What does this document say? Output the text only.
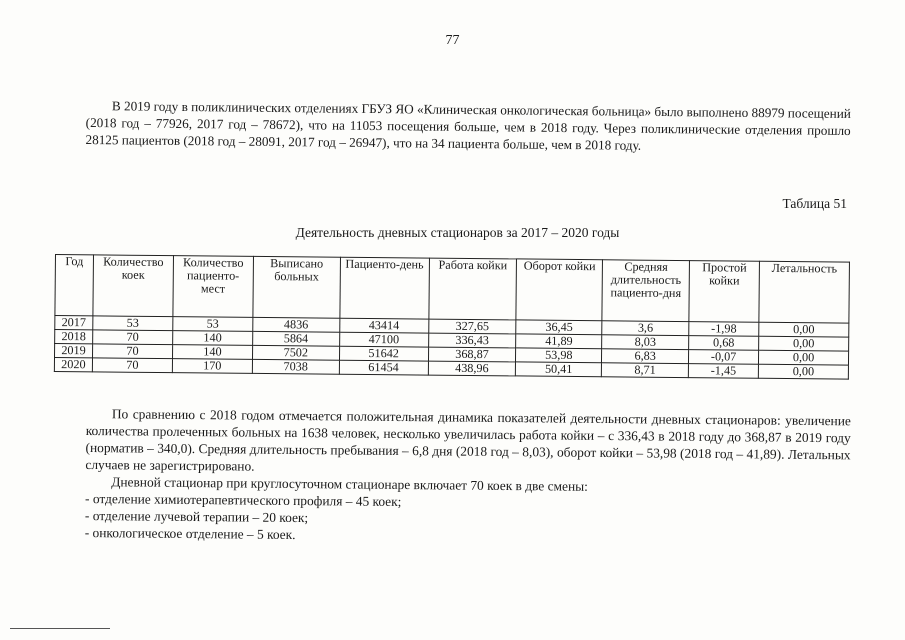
77

В 2019 году в поликлинических отделениях ГБУЗ ЯО «Клиническая онкологическая больница» было выполнено 88979 посещений (2018 год – 77926, 2017 год – 78672), что на 11053 посещения больше, чем в 2018 году. Через поликлинические отделения прошло 28125 пациентов (2018 год – 28091, 2017 год – 26947), что на 34 пациента больше, чем в 2018 году.

Таблица 51
Деятельность дневных стационаров за 2017 – 2020 годы
Год	Количество коек	Количество пациенто-мест	Выписано больных	Пациенто-день	Работа койки	Оборот койки	Средняя длительность пациенто-дня	Простой койки	Летальность
2017	53	53	4836	43414	327,65	36,45	3,6	-1,98	0,00
2018	70	140	5864	47100	336,43	41,89	8,03	0,68	0,00
2019	70	140	7502	51642	368,87	53,98	6,83	-0,07	0,00
2020	70	170	7038	61454	438,96	50,41	8,71	-1,45	0,00

По сравнению с 2018 годом отмечается положительная динамика показателей деятельности дневных стационаров: увеличение количества пролеченных больных на 1638 человек, несколько увеличилась работа койки – с 336,43 в 2018 году до 368,87 в 2019 году (норматив – 340,0). Средняя длительность пребывания – 6,8 дня (2018 год – 8,03), оборот койки – 53,98 (2018 год – 41,89). Летальных случаев не зарегистрировано.

Дневной стационар при круглосуточном стационаре включает 70 коек в две смены:

- отделение химиотерапевтического профиля – 45 коек;
- отделение лучевой терапии – 20 коек;
- онкологическое отделение – 5 коек.
